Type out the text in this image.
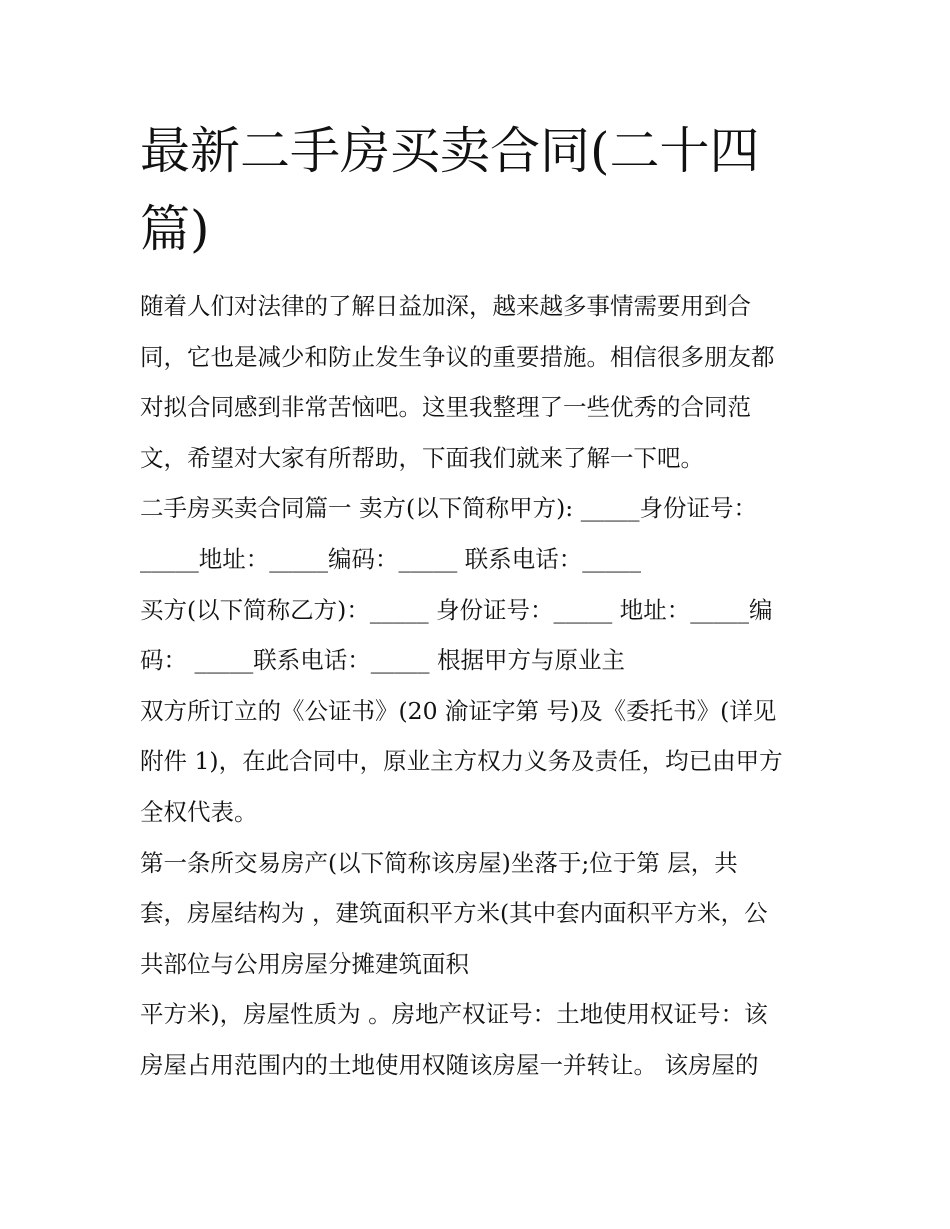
最新二手房买卖合同(二十四
篇)
随着人们对法律的了解日益加深，越来越多事情需要用到合
同，它也是减少和防止发生争议的重要措施。相信很多朋友都
对拟合同感到非常苦恼吧。这里我整理了一些优秀的合同范
文，希望对大家有所帮助，下面我们就来了解一下吧。
二手房买卖合同篇一 卖方(以下简称甲方): _____身份证号：
_____地址：_____编码：_____ 联系电话：_____
买方(以下简称乙方)：_____ 身份证号：_____ 地址：_____编
码： _____联系电话：_____ 根据甲方与原业主
双方所订立的《公证书》(20 渝证字第 号)及《委托书》(详见
附件 1)，在此合同中，原业主方权力义务及责任，均已由甲方
全权代表。
第一条所交易房产(以下简称该房屋)坐落于;位于第 层，共
套，房屋结构为 ，建筑面积平方米(其中套内面积平方米，公
共部位与公用房屋分摊建筑面积
平方米)，房屋性质为 。房地产权证号：土地使用权证号：该
房屋占用范围内的土地使用权随该房屋一并转让。 该房屋的
